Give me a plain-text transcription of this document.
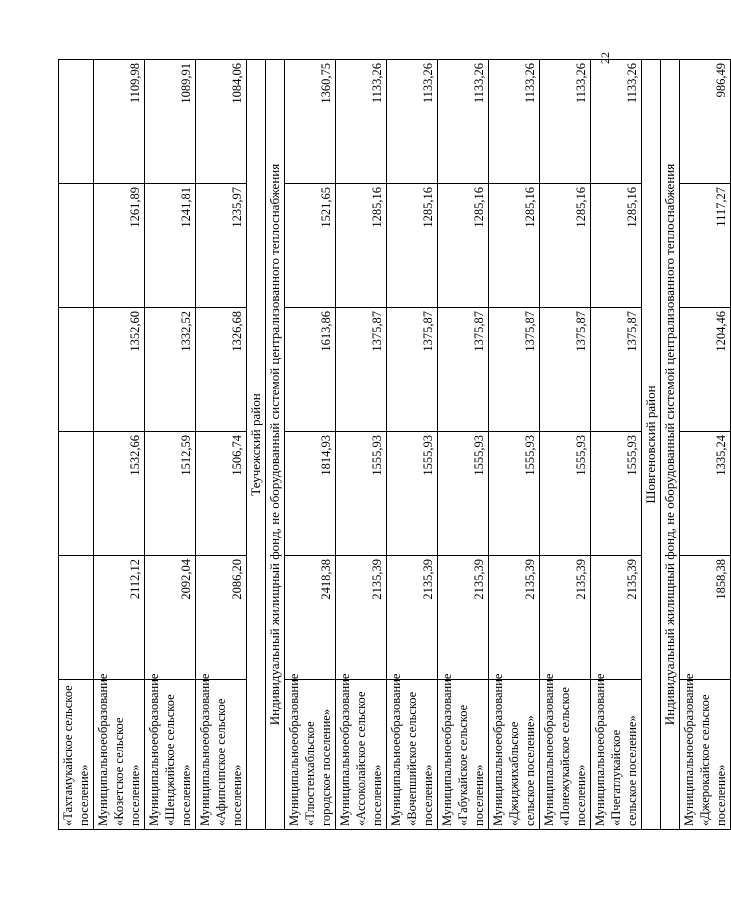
22
«Тахтамукайское сельское поселение»					

Муниципальное
образование
«Козетское сельское поселение»	2112,12	1532,66	1352,60	1261,89	1109,98

Муниципальное
образование «Шенджийское сельское поселение»	2092,04	1512,59	1332,52	1241,81	1089,91

Муниципальное
образование «Афипсипское сельское поселение»	2086,20	1506,74	1326,68	1235,97	1084,06
Теучежский район					
Индивидуальный жилищный фонд, не оборудованный системой централизованного теплоснабжения					

Муниципальное
образование
«Тлюстенхабльское городское поселение»	2418,38	1814,93	1613,86	1521,65	1360,75

Муниципальное
образование «Ассоколайское сельское поселение»	2135,39	1555,93	1375,87	1285,16	1133,26

Муниципальное
образование «Вочепшийское сельское поселение»	2135,39	1555,93	1375,87	1285,16	1133,26

Муниципальное
образование «Габукайское сельское поселение»	2135,39	1555,93	1375,87	1285,16	1133,26

Муниципальное
образование
«Джиджихабльское сельское поселение»	2135,39	1555,93	1375,87	1285,16	1133,26

Муниципальное
образование «Понежукайское сельское поселение»	2135,39	1555,93	1375,87	1285,16	1133,26

Муниципальное
образование
«Пчегатлукайское сельское поселение»	2135,39	1555,93	1375,87	1285,16	1133,26
Шовгеновский район					
Индивидуальный жилищный фонд, не оборудованный системой централизованного теплоснабжения					

Муниципальное
образование «Джерокайское сельское поселение»	1858,38	1335,24	1204,46	1117,27	986,49
